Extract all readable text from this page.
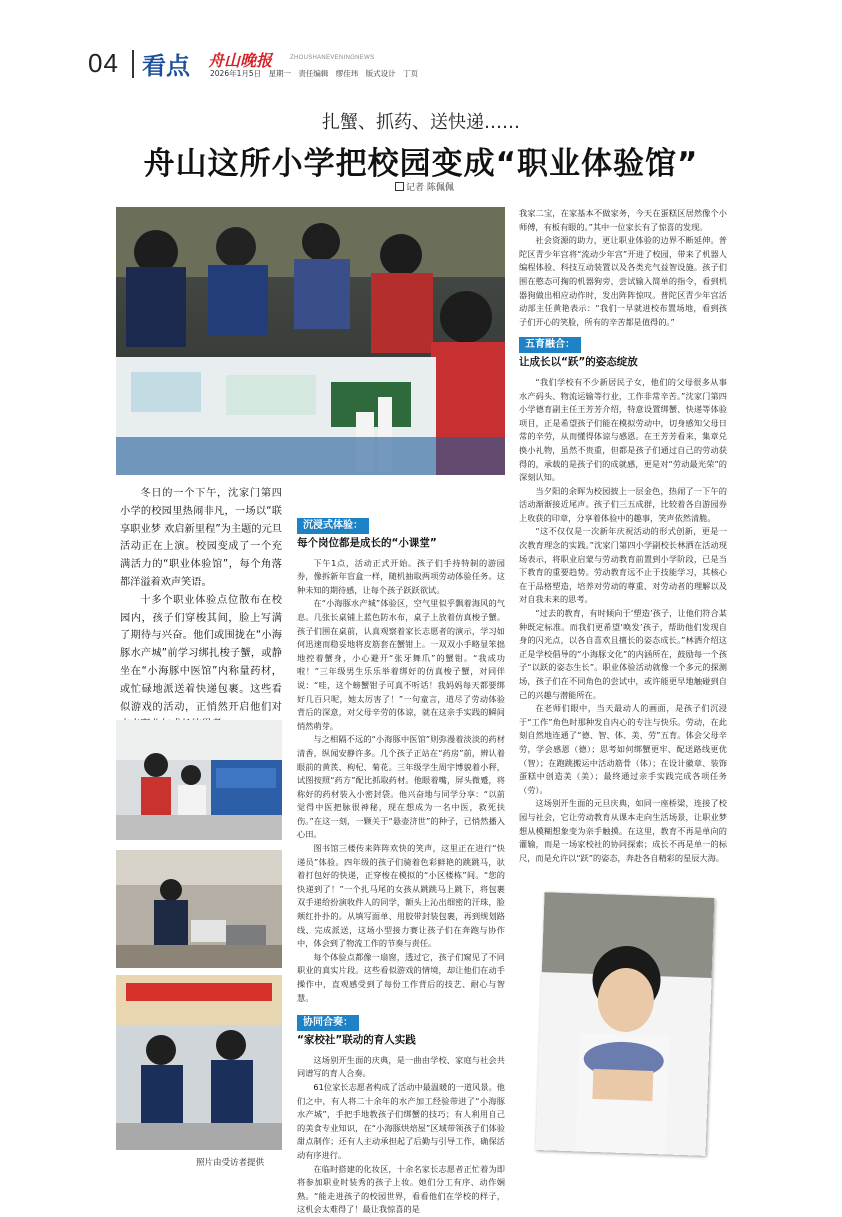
04 看点 舟山晚报	ZHOUSHANEVENINGNEWS
2026年1月5日 星期一 责任编辑 缪佳玮 版式设计 丁页
扎蟹、抓药、送快递……
舟山这所小学把校园变成“职业体验馆”
记者 陈佩佩

冬日的一个下午，沈家门第四小学的校园里热闹非凡，一场以“联享职业梦 欢启新里程”为主题的元旦活动正在上演。校园变成了一个充满活力的“职业体验馆”，每个角落都洋溢着欢声笑语。

十多个职业体验点位散布在校园内，孩子们穿梭其间，脸上写满了期待与兴奋。他们或围拢在“小海豚水产城”前学习绑扎梭子蟹，或静坐在“小海豚中医馆”内称量药材，或忙碌地派送着快递包裹。这些看似游戏的活动，正悄然开启他们对

照片由受访者提供
沉浸式体验：
每个岗位都是成长的“小课堂”

下午1点，活动正式开始。孩子们手持特制的游园券，像拆新年盲盒一样，随机抽取两项劳动体验任务。这种未知的期待感，让每个孩子跃跃欲试。

在“小海豚水产城”体验区，空气里似乎飘着海风的气息。几张长桌铺上蓝色防水布，桌子上放着仿真梭子蟹。孩子们围在桌前，认真观察着家长志愿者的演示，学习如何迅速而稳妥地将皮筋套在蟹钳上。一双双小手略显笨拙地控着蟹身，小心避开“张牙舞爪”的蟹钳。“我成功啦！”三年级男生乐乐举着绑好的仿真梭子蟹，对同伴说：“哇，这个螃蟹钳子可真不听话！我妈妈每天都要绑好几百只呢，她太厉害了！”一句童言，道尽了劳动体验背后的深意，对父母辛劳的体谅，就在这亲手实践的瞬间悄然萌芽。

与之相隔不远的“小海豚中医馆”则弥漫着淡淡的药材清香，纵闻安静许多。几个孩子正站在“药房”前，辨认着眼前的黄芪、枸杞、菊花。三年级学生周宇博貌着小秤，试图按照“药方”配比抓取药材。他眼着嘴，屏头微蹙，将称好的药材装入小密封袋。他兴奋地与同学分享：“以前觉得中医把脉很神秘，现在想成为一名中医，救死扶伤。”在这一刻，一颗关于“悬壶济世”的种子，已悄然播入心田。

图书馆三楼传来阵阵欢快的笑声，这里正在进行“快递员”体验。四年级的孩子们骑着色彩鲜艳的跳跳马，驮着打包好的快递，正穿梭在模拟的“小区楼栋”间。“您的快递到了！”一个扎马尾的女孩从跳跳马上跳下，将包裹双手递给扮演收件人的同学，额头上沁出细密的汗珠，脸颊红扑扑的。从填写面单、用胶带封装包裹，再到规划路线、完成派送，这场小型接力赛让孩子们在奔跑与协作中，体会到了物流工作的节奏与责任。

每个体验点都像一扇窗，透过它，孩子们窥见了不同职业的真实片段。这些看似游戏的情境，却让他们在动手操作中，直观感受到了每份工作背后的技艺、耐心与智慧。

协同合奏：
“家校社”联动的育人实践

这场别开生面的庆典，是一曲由学校、家庭与社会共同谱写的育人合奏。

61位家长志愿者构成了活动中最温暖的一道风景。他们之中，有人将二十余年的水产加工经验带进了“小海豚水产城”，手把手地教孩子们绑蟹的技巧；有人利用自己的美食专业知识，在“小海豚烘焙屋”区域带领孩子们体验甜点制作；还有人主动承担起了后勤与引导工作，确保活动有序进行。

在临时搭建的化妆区，十余名家长志愿者正忙着为即将参加职业时装秀的孩子上妆。她们分工有序、动作娴熟。“能走进孩子的校园世界，看看他们在学校的样子，这机会太难得了！最让我惊喜的是

我家二宝，在家基本不做家务，今天在蛋糕区居然像个小师傅，有板有眼的。”其中一位家长有了惊喜的发现。

社会资源的助力，更让职业体验的边界不断延伸。普陀区青少年宫将“流动少年宫”开进了校园，带来了机器人编程体验、科技互动装置以及各类充气益智设施。孩子们围在憨态可掬的机器狗旁，尝试输入简单的指令，看到机器狗做出相应动作时，发出阵阵惊叹。普陀区青少年宫活动部主任黄艳表示：“我们一早就进校布置场地，看到孩子们开心的笑脸，所有的辛苦都是值得的。”

五育融合：
让成长以“跃”的姿态绽放

“我们学校有不少新居民子女，他们的父母很多从事水产码头、物流运输等行业，工作非常辛苦。”沈家门第四小学德育副主任王芳芳介绍，特意设置绑蟹、快递等体验项目，正是希望孩子们能在模拟劳动中，切身感知父母日常的辛劳，从而懂得体谅与感恩。在王芳芳看来，集章兑换小礼物，虽然不贵重，但都是孩子们通过自己的劳动获得的，承载的是孩子们的成就感，更是对“劳动最光荣”的深刻认知。

当夕阳的余晖为校园披上一层金色，热闹了一下午的活动渐渐接近尾声。孩子们三五成群，比较着各自游园券上收获的印章，分享着体验中的趣事，笑声依然清脆。

“这不仅仅是一次新年庆祝活动的形式创新，更是一次教育理念的实践。”沈家门第四小学副校长林洒在活动现场表示，将职业启蒙与劳动教育前置到小学阶段，已是当下教育的重要趋势。劳动教育远不止于技能学习，其核心在于品格塑造，培养对劳动的尊重、对劳动者的理解以及对自我未来的思考。

“过去的教育，有时倾向于‘塑造’孩子，让他们符合某种既定标准。而我们更希望‘唤发’孩子，帮助他们发现自身的闪光点，以各自喜欢且擅长的姿态成长。”林洒介绍这正是学校倡导的“小海豚文化”的内涵所在，鼓励每一个孩子“以跃的姿态生长”。职业体验活动就像一个多元的探测场，孩子们在不同角色的尝试中，或许能更早地触碰到自己的兴趣与潜能所在。

在老师们眼中，当天最动人的画面，是孩子们沉浸于“工作”角色时那种发自内心的专注与快乐。劳动，在此刻自然地连通了“德、智、体、美、劳”五育。体会父母辛劳，学会感恩（德）；思考如何绑蟹更牢、配送路线更优（智）；在跑跳搬运中活动筋骨（体）；在设计徽章、装饰蛋糕中创造美（美）；最终通过亲手实践完成各项任务（劳）。

这场别开生面的元旦庆典，如同一座桥梁，连接了校园与社会，它让劳动教育从课本走向生活场景，让职业梦想从模糊想象变为亲手触摸。在这里，教育不再是单向的灌输，而是一场家校社的协同探索；成长不再是单一的标尺，而是允许以“跃”的姿态，奔赴各自精彩的星辰大海。
